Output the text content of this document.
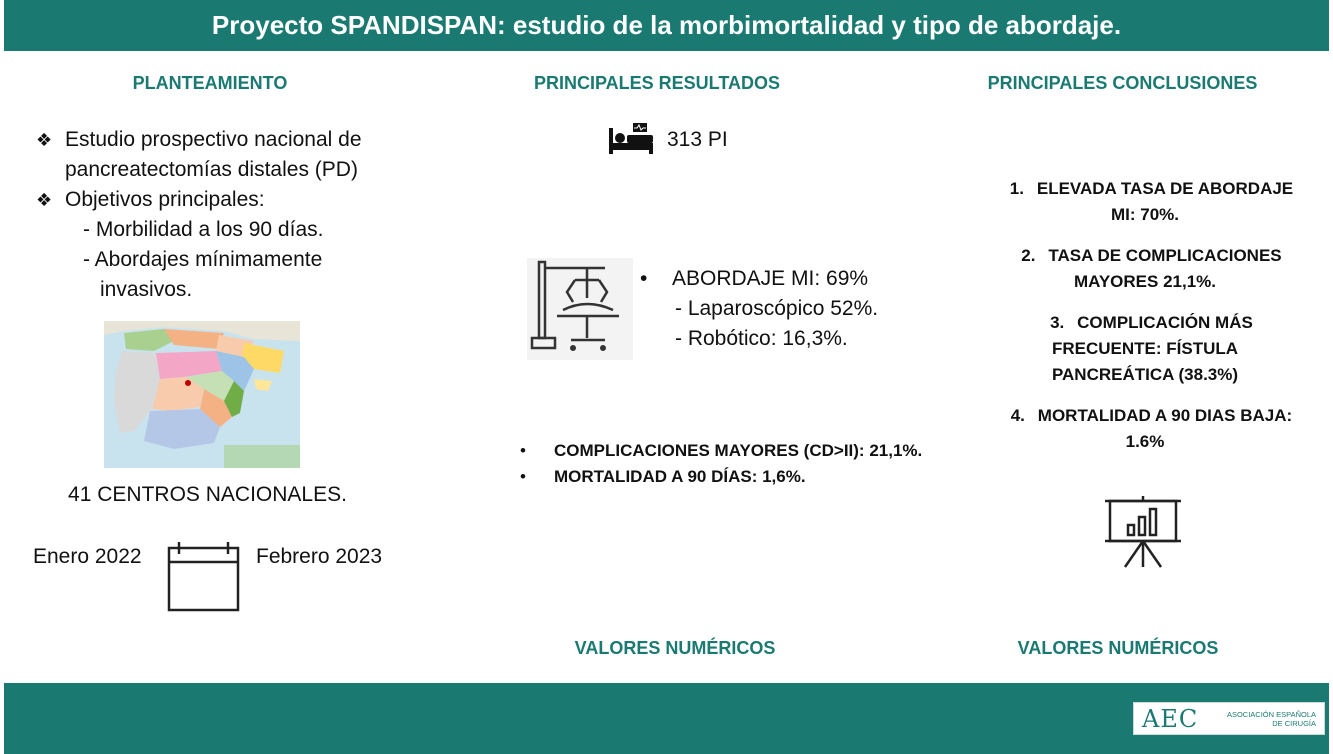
Proyecto SPANDISPAN: estudio de la morbimortalidad y tipo de abordaje.
PLANTEAMIENTO	PRINCIPALES RESULTADOS	PRINCIPALES CONCLUSIONES
❖ Estudio prospectivo nacional de
pancreatectomías distales (PD)
❖ Objetivos principales:
- Morbilidad a los 90 días.
- Abordajes mínimamente
invasivos.
41 CENTROS NACIONALES.
Enero 2022	Febrero 2023
313 PI
•	ABORDAJE MI: 69%
- Laparoscópico 52%.
- Robótico: 16,3%.
•	COMPLICACIONES MAYORES (CD>II): 21,1%.
•	MORTALIDAD A 90 DÍAS: 1,6%.
1. ELEVADA TASA DE ABORDAJE
MI: 70%.
2. TASA DE COMPLICACIONES
MAYORES 21,1%.
3. COMPLICACIÓN MÁS
FRECUENTE: FÍSTULA
PANCREÁTICA (38.3%)
4. MORTALIDAD A 90 DIAS BAJA:
1.6%
VALORES NUMÉRICOS	VALORES NUMÉRICOS
AEC	ASOCIACIÓN ESPAÑOLA
DE CIRUGÍA
